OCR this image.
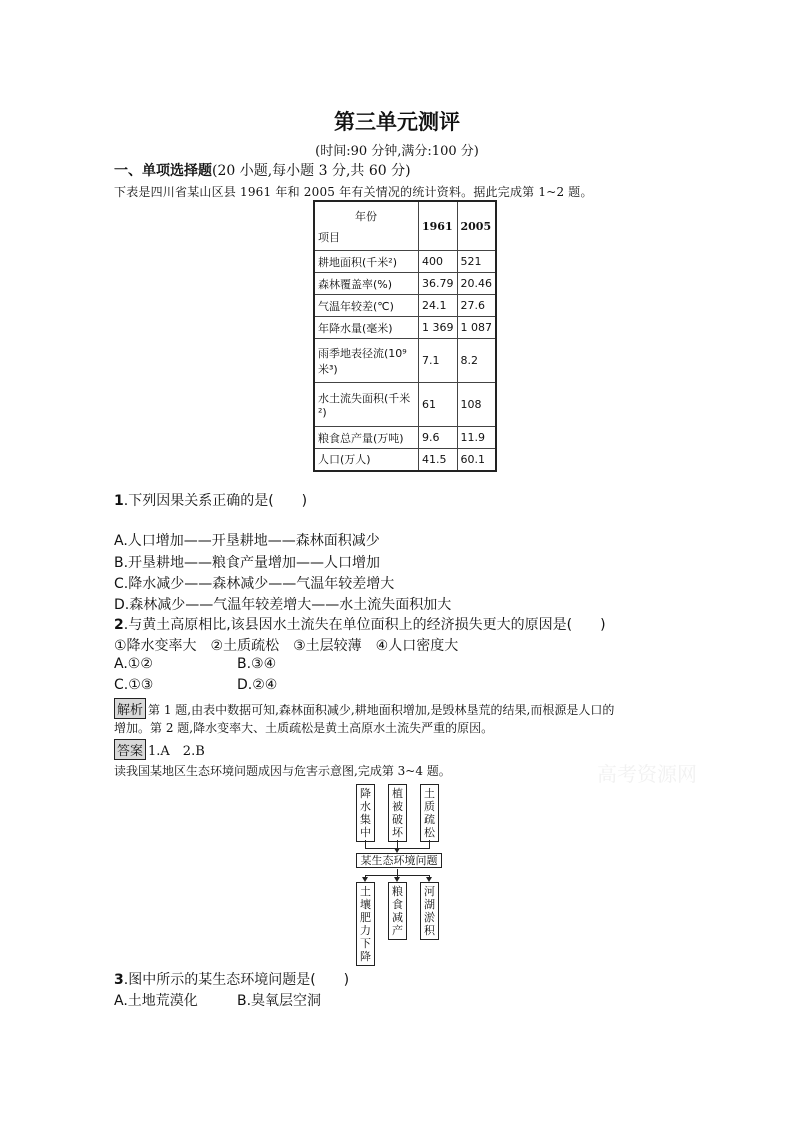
第三单元测评
(时间:90 分钟,满分:100 分)
一、单项选择题(20 小题,每小题 3 分,共 60 分)
下表是四川省某山区县 1961 年和 2005 年有关情况的统计资料。据此完成第 1~2 题。
年份
项目	1961	2005
耕地面积(千米²)	400	521
森林覆盖率(%)	36.79	20.46
气温年较差(℃)	24.1	27.6
年降水量(毫米)	1 369	1 087
雨季地表径流(10⁹米³)	7.1	8.2
水土流失面积(千米²)	61	108
粮食总产量(万吨)	9.6	11.9
人口(万人)	41.5	60.1
1.下列因果关系正确的是(　　)
A.人口增加——开垦耕地——森林面积减少
B.开垦耕地——粮食产量增加——人口增加
C.降水减少——森林减少——气温年较差增大
D.森林减少——气温年较差增大——水土流失面积加大
2.与黄土高原相比,该县因水土流失在单位面积上的经济损失更大的原因是(　　)
①降水变率大　②土质疏松　③土层较薄　④人口密度大
A.①②	B.③④
C.①③	D.②④
解析 第 1 题,由表中数据可知,森林面积减少,耕地面积增加,是毁林垦荒的结果,而根源是人口的
增加。第 2 题,降水变率大、土质疏松是黄土高原水土流失严重的原因。
答案 1.A　2.B
读我国某地区生态环境问题成因与危害示意图,完成第 3~4 题。	高考资源网
降水集中
植被破坏
土质疏松
某生态环境问题
土壤肥力下降
粮食减产
河湖淤积
3.图中所示的某生态环境问题是(　　)
A.土地荒漠化	B.臭氧层空洞
